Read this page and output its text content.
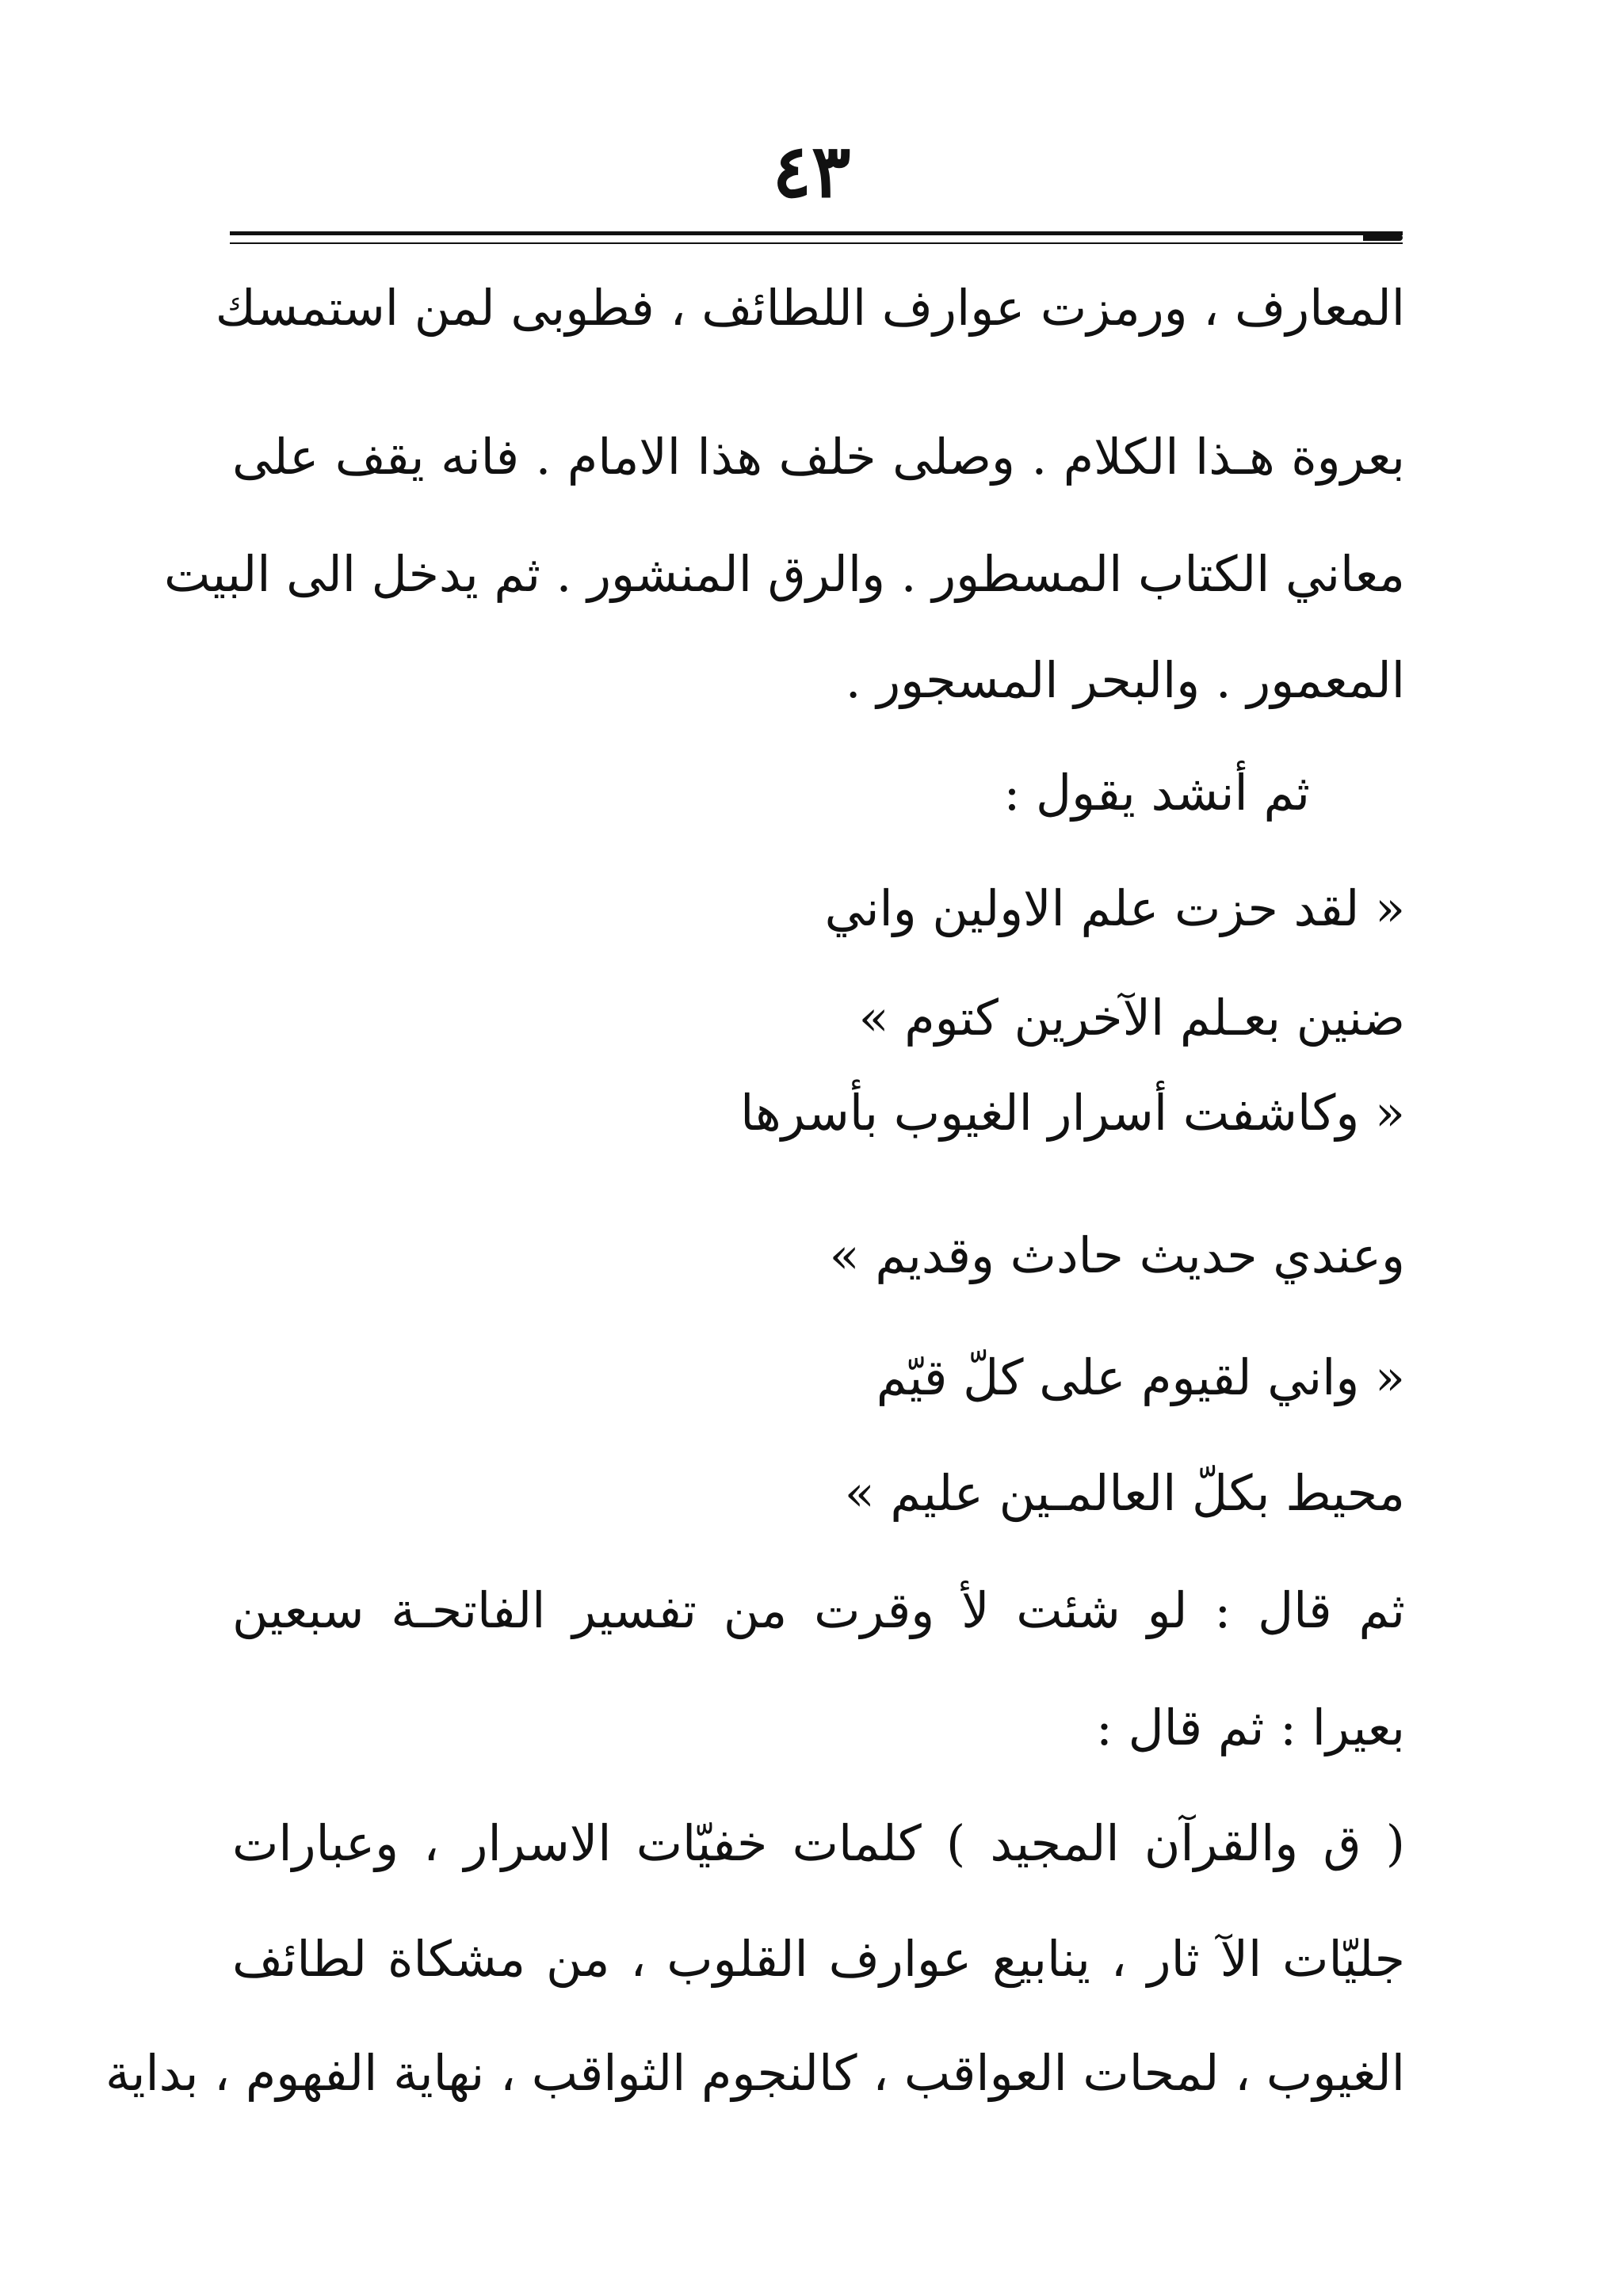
٤٣
المعارف ، ورمزت عوارف اللطائف ، فطوبى لمن استمسك
بعروة هـذا الكلام . وصلى خلف هذا الامام . فانه يقف على
معاني الكتاب المسطور . والرق المنشور . ثم يدخل الى البيت
المعمور . والبحر المسجور .
ثم أنشد يقول :
« لقد حزت علم الاولين واني
ضنين بعـلم الآخرين كتوم »
« وكاشفت أسرار الغيوب بأسرها
وعندي حديث حادث وقديم »
« واني لقيوم على كلّ قيّم
محيط بكلّ العالمـين عليم »
ثم قال : لو شئت لأ وقرت من تفسير الفاتحـة سبعين
بعيرا : ثم قال :
( ق والقرآن المجيد ) كلمات خفيّات الاسرار ، وعبارات
جليّات الآ ثار ، ينابيع عوارف القلوب ، من مشكاة لطائف
الغيوب ، لمحات العواقب ، كالنجوم الثواقب ، نهاية الفهوم ، بداية
